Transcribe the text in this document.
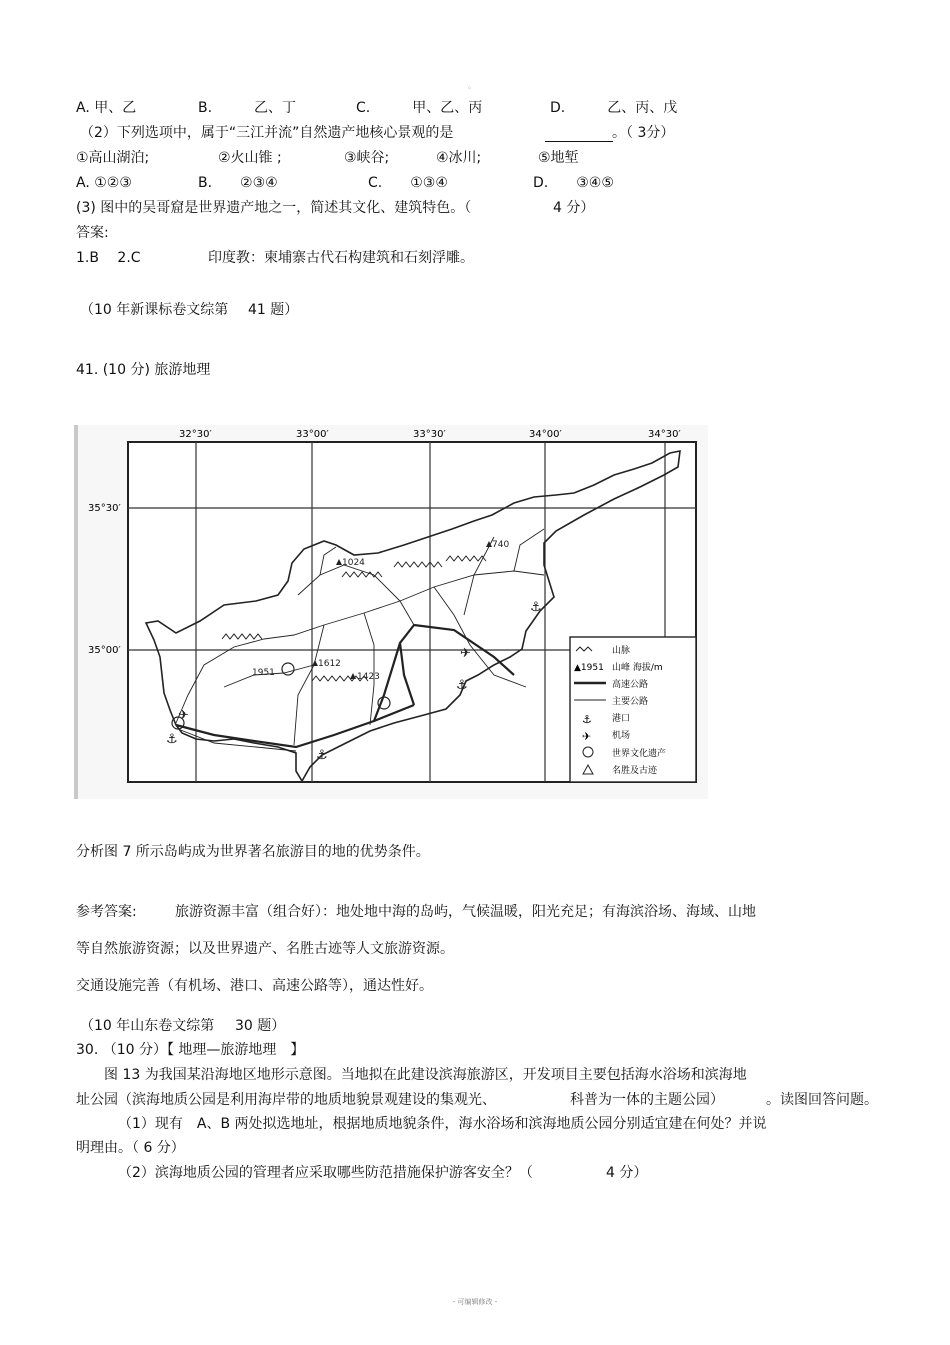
。
A. 甲、乙	B.　　　乙、丁	C.　　　甲、乙、丙	D.　　　乙、丙、戊
（2）下列选项中，属于“三江并流”自然遗产地核心景观的是	。（ 3分）
①高山湖泊;	②火山锥 ;	③峡谷;	④冰川;	⑤地堑
A. ①②③	B.　　②③④	C.　　①③④	D.　　③④⑤
(3) 图中的吴哥窟是世界遗产地之一，简述其文化、建筑特色。（	4 分）
答案:
1.B　 2.C	印度教：柬埔寨古代石构建筑和石刻浮雕。
（10 年新课标卷文综第 41 题）
41. (10 分) 旅游地理
32°30′	33°00′	33°30′	34°00′	34°30′
35°30′
35°00′
1024
740
1951
1612
1423
⚓
⚓
⚓
⚓
✈
✈	山脉
▲1951 山峰 海拔/m
高速公路
主要公路
⚓ 港口
✈ 机场
世界文化遗产
名胜及古迹
分析图 7 所示岛屿成为世界著名旅游目的地的优势条件。
参考答案:	旅游资源丰富（组合好）：地处地中海的岛屿，气候温暖，阳光充足；有海滨浴场、海域、山地
等自然旅游资源；以及世界遗产、名胜古迹等人文旅游资源。
交通设施完善（有机场、港口、高速公路等），通达性好。
（10 年山东卷文综第 30 题）
30. （10 分）【 地理—旅游地理　】
图 13 为我国某沿海地区地形示意图。当地拟在此建设滨海旅游区，开发项目主要包括海水浴场和滨海地
址公园（滨海地质公园是利用海岸带的地质地貌景观建设的集观光、	科普为一体的主题公园）	。读图回答问题。
（1）现有　A、B 两处拟选地址，根据地质地貌条件，海水浴场和滨海地质公园分别适宜建在何处？并说
明理由。（ 6 分）
（2）滨海地质公园的管理者应采取哪些防范措施保护游客安全？（	4 分）
- 可编辑修改 -
